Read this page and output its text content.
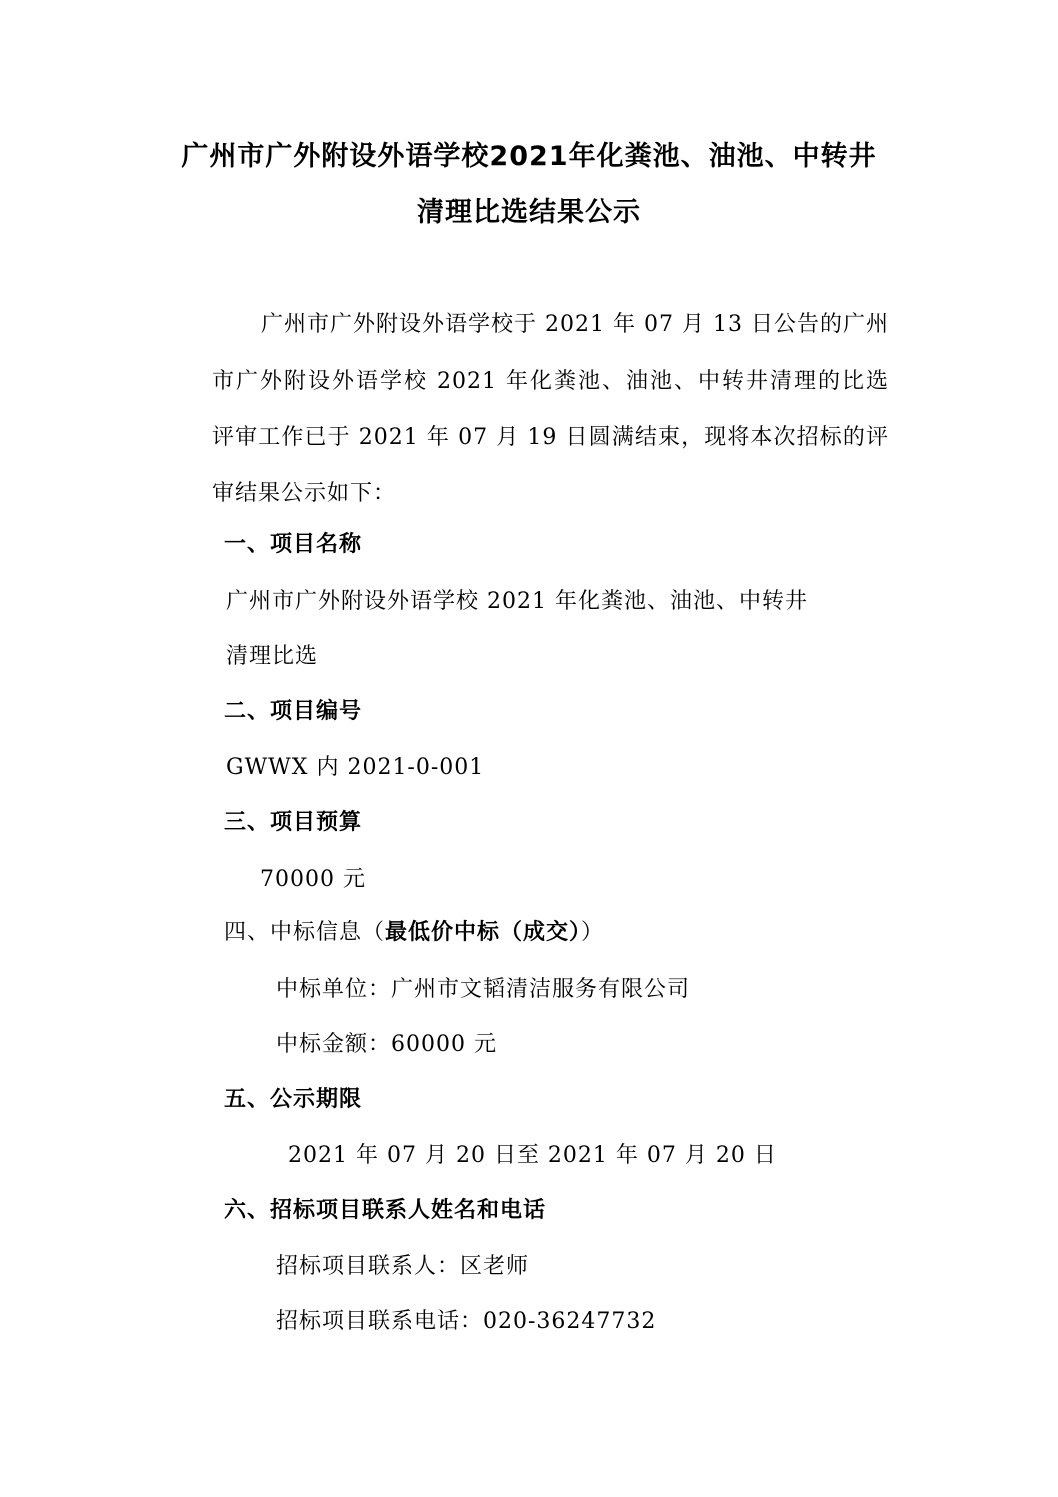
广州市广外附设外语学校2021年化粪池、油池、中转井
清理比选结果公示
广州市广外附设外语学校于 2021 年 07 月 13 日公告的广州
市广外附设外语学校 2021 年化粪池、油池、中转井清理的比选
评审工作已于 2021 年 07 月 19 日圆满结束，现将本次招标的评
审结果公示如下：
一、项目名称
广州市广外附设外语学校 2021 年化粪池、油池、中转井
清理比选
二、项目编号
GWWX 内 2021-0-001
三、项目预算
70000 元
四、中标信息（最低价中标（成交））
中标单位：广州市文韬清洁服务有限公司
中标金额：60000 元
五、公示期限
2021 年 07 月 20 日至 2021 年 07 月 20 日
六、招标项目联系人姓名和电话
招标项目联系人：区老师
招标项目联系电话：020-36247732
